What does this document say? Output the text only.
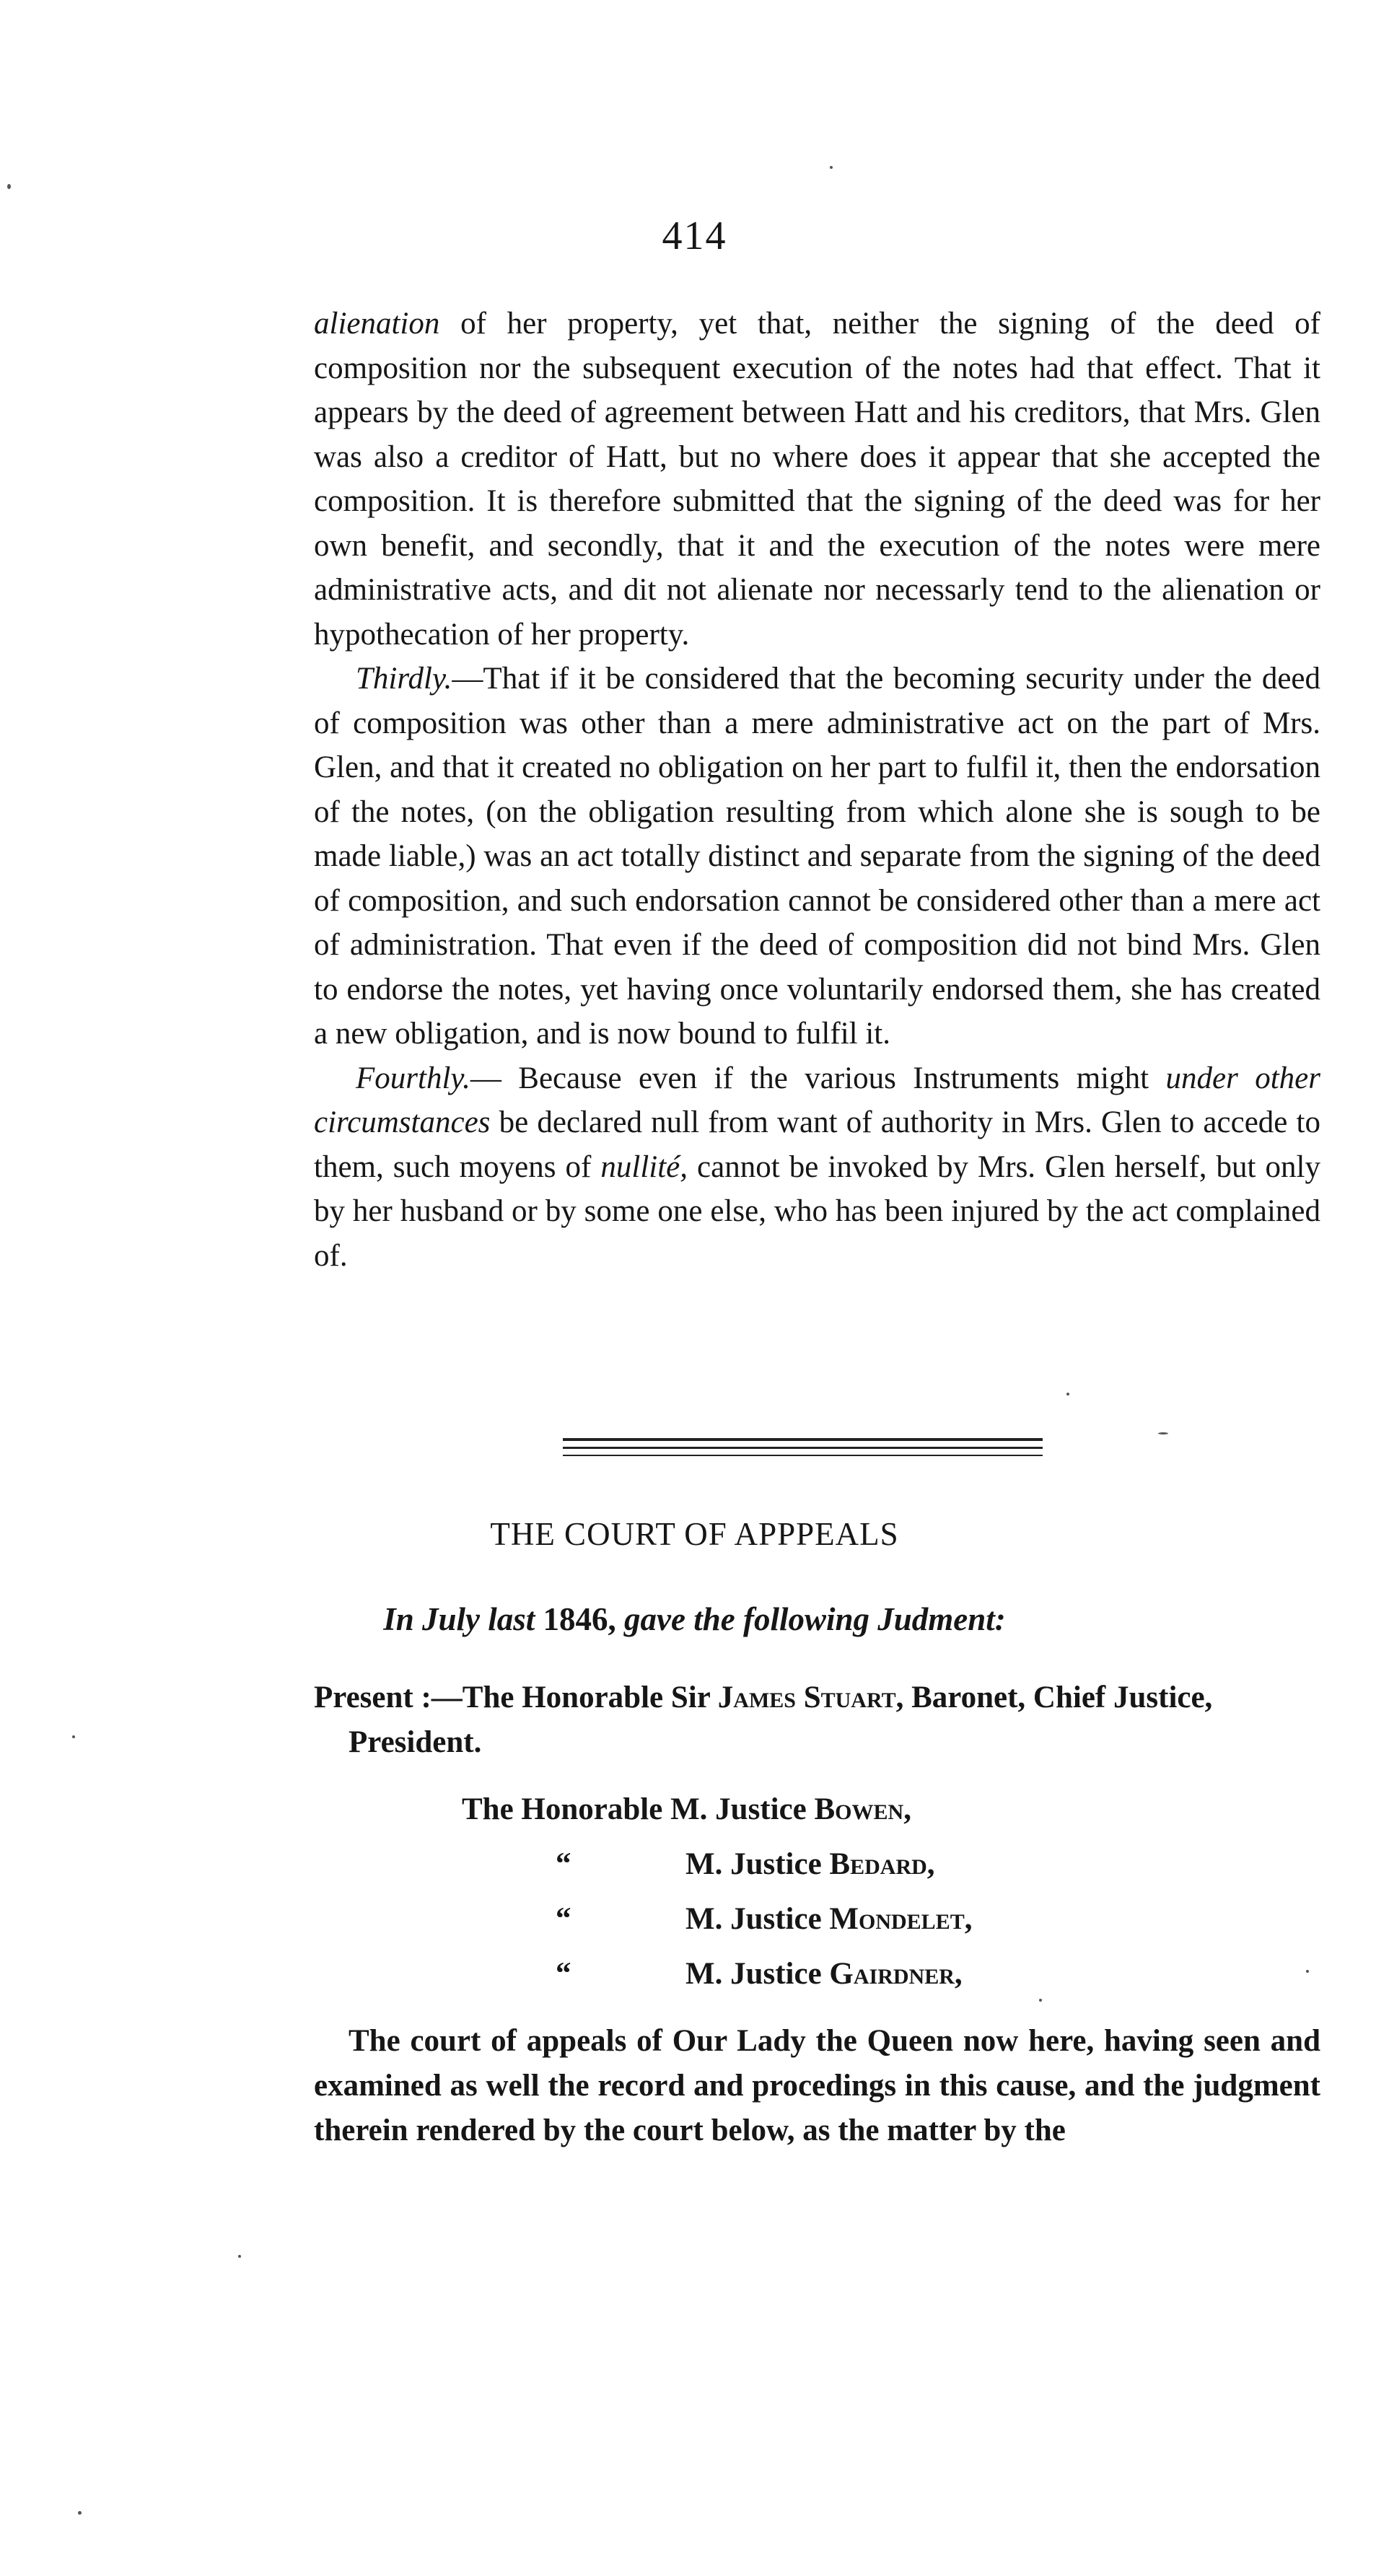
414

alienation of her property, yet that, neither the signing of the deed of composition nor the subsequent execution of the notes had that effect. That it appears by the deed of agreement between Hatt and his creditors, that Mrs. Glen was also a creditor of Hatt, but no where does it appear that she accepted the composition. It is therefore submitted that the signing of the deed was for her own benefit, and secondly, that it and the execution of the notes were mere administrative acts, and dit not alienate nor necessarly tend to the alienation or hypothecation of her property.

Thirdly.—That if it be considered that the becoming security under the deed of composition was other than a mere administrative act on the part of Mrs. Glen, and that it created no obligation on her part to fulfil it, then the endorsation of the notes, (on the obligation resulting from which alone she is sough to be made liable,) was an act totally distinct and separate from the signing of the deed of composition, and such endorsation cannot be considered other than a mere act of administration. That even if the deed of composition did not bind Mrs. Glen to endorse the notes, yet having once voluntarily endorsed them, she has created a new obligation, and is now bound to fulfil it.

Fourthly.— Because even if the various Instruments might under other circumstances be declared null from want of authority in Mrs. Glen to accede to them, such moyens of nullité, cannot be invoked by Mrs. Glen herself, but only by her husband or by some one else, who has been injured by the act complained of.

THE COURT OF APPPEALS
In July last 1846, gave the following Judment:
Present :—The Honorable Sir James Stuart, Baronet, Chief Justice,
President.
The Honorable M. Justice Bowen,
“	M. Justice Bedard,
“	M. Justice Mondelet,
“	M. Justice Gairdner,

The court of appeals of Our Lady the Queen now here, having seen and examined as well the record and procedings in this cause, and the judgment therein rendered by the court below, as the matter by the
